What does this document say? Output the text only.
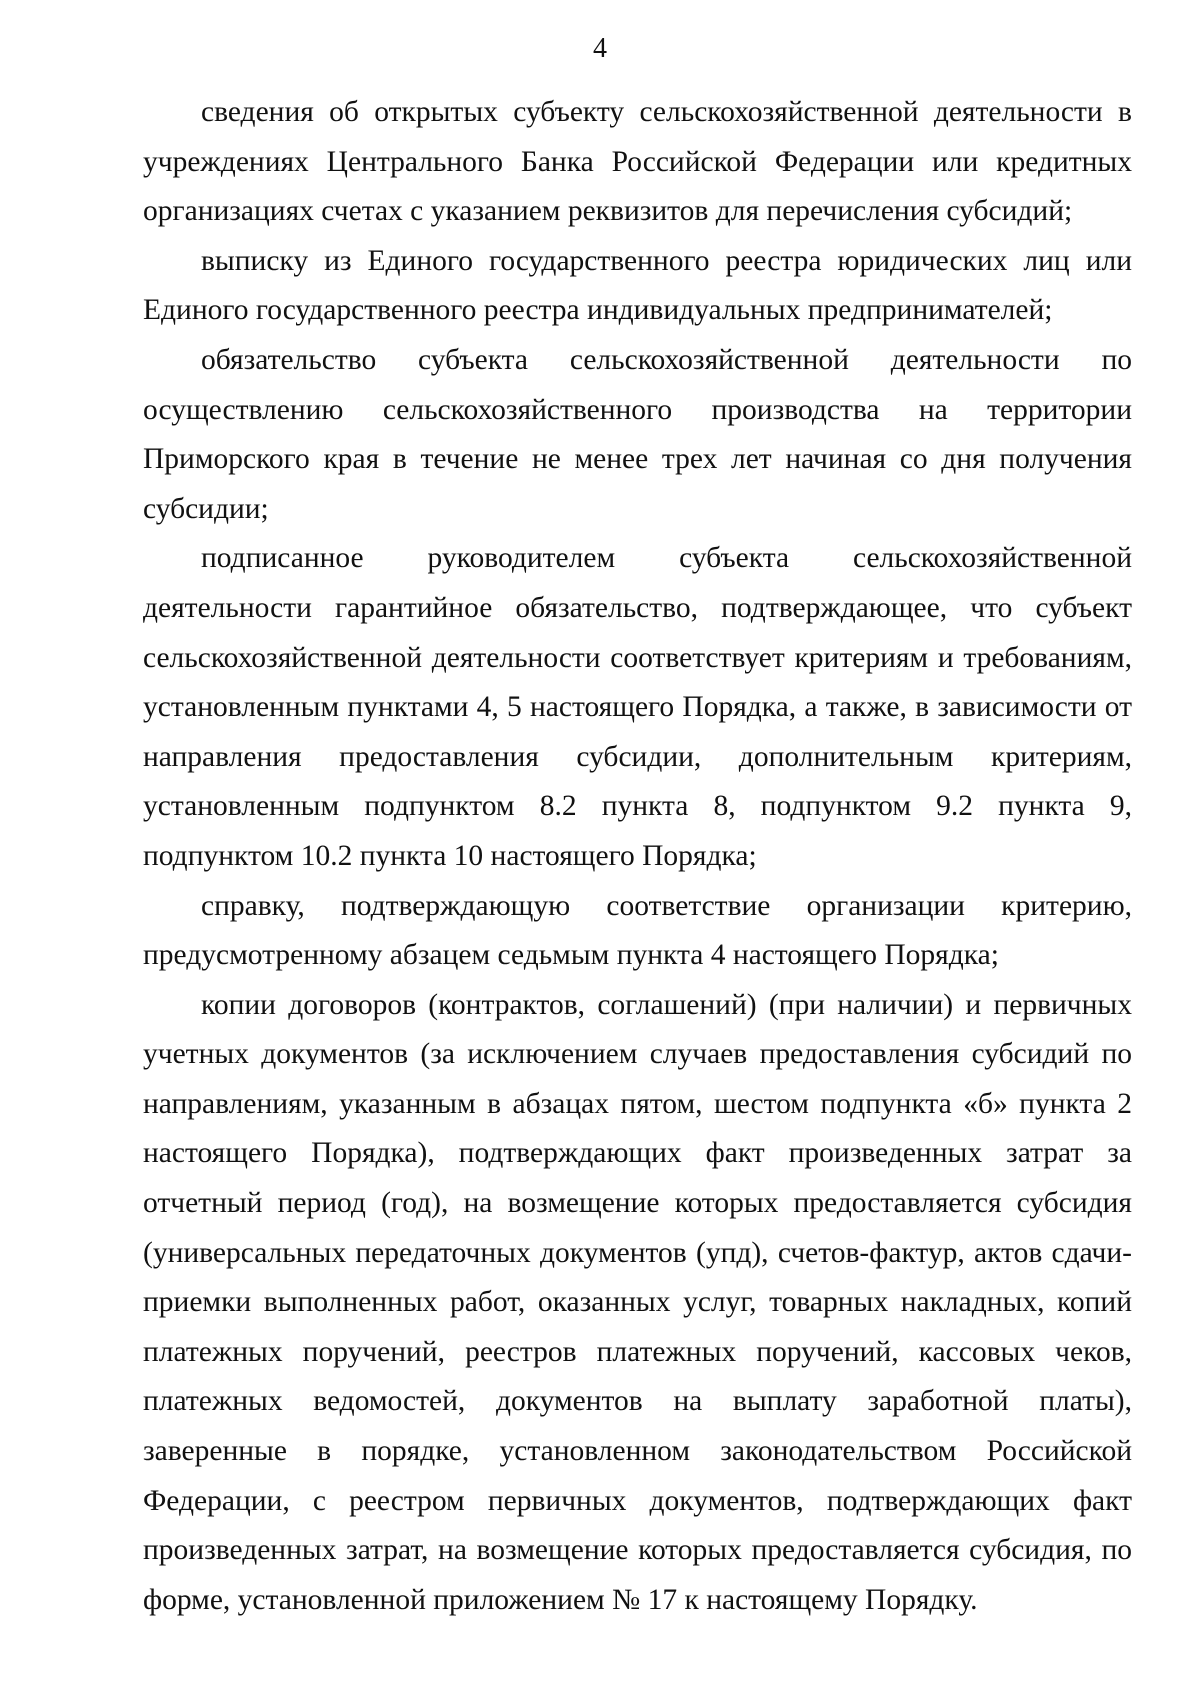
4

сведения об открытых субъекту сельскохозяйственной деятельности в учреждениях Центрального Банка Российской Федерации или кредитных организациях счетах с указанием реквизитов для перечисления субсидий;

выписку из Единого государственного реестра юридических лиц или Единого государственного реестра индивидуальных предпринимателей;

обязательство субъекта сельскохозяйственной деятельности по осуществлению сельскохозяйственного производства на территории Приморского края в течение не менее трех лет начиная со дня получения субсидии;

подписанное руководителем субъекта сельскохозяйственной деятельности гарантийное обязательство, подтверждающее, что субъект сельскохозяйственной деятельности соответствует критериям и требованиям, установленным пунктами 4, 5 настоящего Порядка, а также, в зависимости от направления предоставления субсидии, дополнительным критериям, установленным подпунктом 8.2 пункта 8, подпунктом 9.2 пункта 9, подпунктом 10.2 пункта 10 настоящего Порядка;

справку, подтверждающую соответствие организации критерию, предусмотренному абзацем седьмым пункта 4 настоящего Порядка;

копии договоров (контрактов, соглашений) (при наличии) и первичных учетных документов (за исключением случаев предоставления субсидий по направлениям, указанным в абзацах пятом, шестом подпункта «б» пункта 2 настоящего Порядка), подтверждающих факт произведенных затрат за отчетный период (год), на возмещение которых предоставляется субсидия (универсальных передаточных документов (упд), счетов-фактур, актов сдачи-приемки выполненных работ, оказанных услуг, товарных накладных, копий платежных поручений, реестров платежных поручений, кассовых чеков, платежных ведомостей, документов на выплату заработной платы), заверенные в порядке, установленном законодательством Российской Федерации, с реестром первичных документов, подтверждающих факт произведенных затрат, на возмещение которых предоставляется субсидия, по форме, установленной приложением № 17 к настоящему Порядку.
